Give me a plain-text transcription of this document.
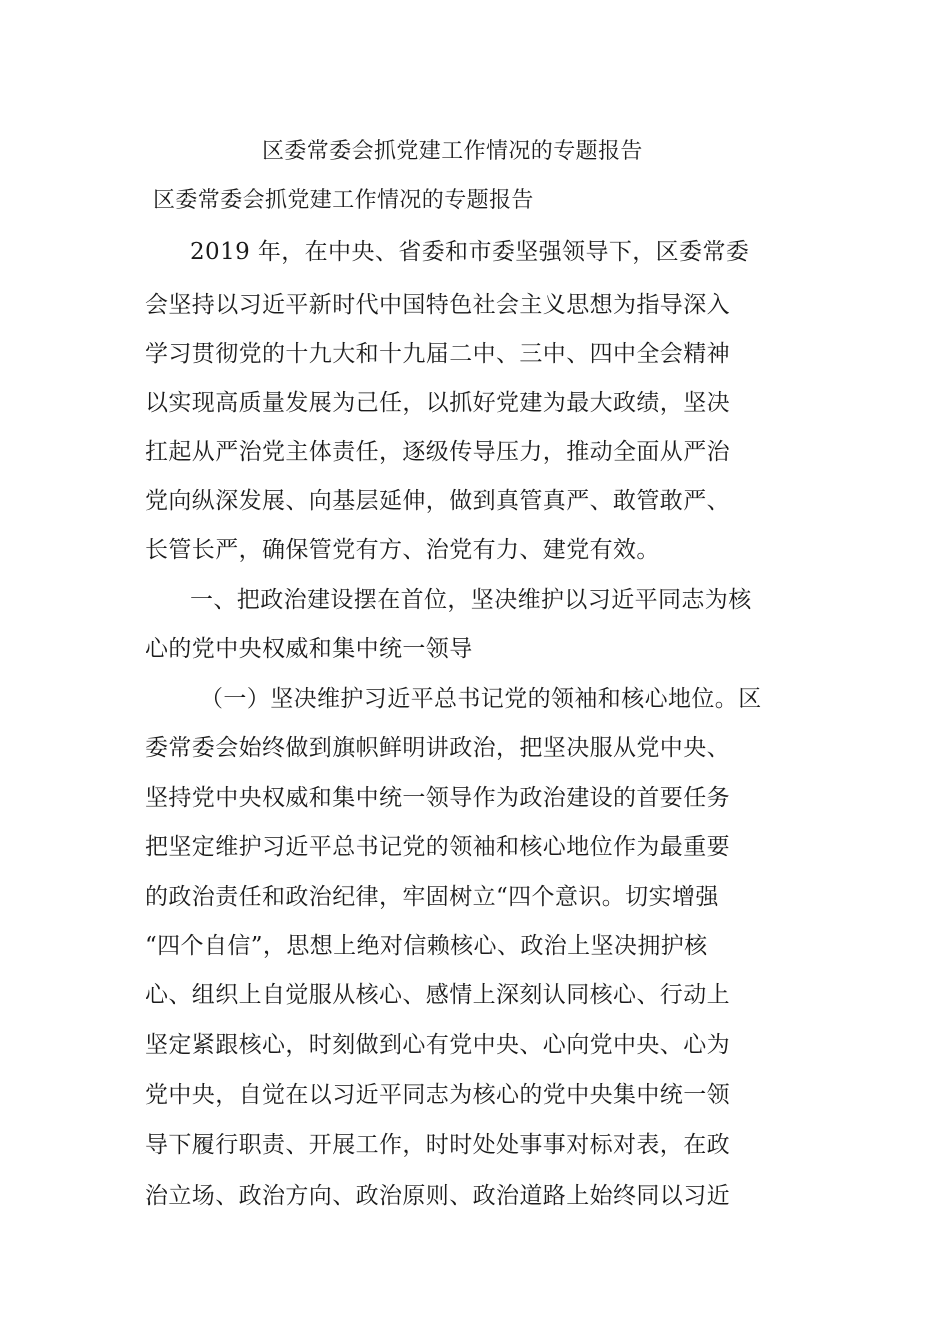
区委常委会抓党建工作情况的专题报告
区委常委会抓党建工作情况的专题报告
2019 年，在中央、省委和市委坚强领导下，区委常委
会坚持以习近平新时代中国特色社会主义思想为指导深入
学习贯彻党的十九大和十九届二中、三中、四中全会精神
以实现高质量发展为己任，以抓好党建为最大政绩，坚决
扛起从严治党主体责任，逐级传导压力，推动全面从严治
党向纵深发展、向基层延伸，做到真管真严、敢管敢严、
长管长严，确保管党有方、治党有力、建党有效。
一、把政治建设摆在首位，坚决维护以习近平同志为核
心的党中央权威和集中统一领导
（一）坚决维护习近平总书记党的领袖和核心地位。区
委常委会始终做到旗帜鲜明讲政治，把坚决服从党中央、
坚持党中央权威和集中统一领导作为政治建设的首要任务
把坚定维护习近平总书记党的领袖和核心地位作为最重要
的政治责任和政治纪律，牢固树立“四个意识。切实增强
“四个自信”，思想上绝对信赖核心、政治上坚决拥护核
心、组织上自觉服从核心、感情上深刻认同核心、行动上
坚定紧跟核心，时刻做到心有党中央、心向党中央、心为
党中央，自觉在以习近平同志为核心的党中央集中统一领
导下履行职责、开展工作，时时处处事事对标对表，在政
治立场、政治方向、政治原则、政治道路上始终同以习近
